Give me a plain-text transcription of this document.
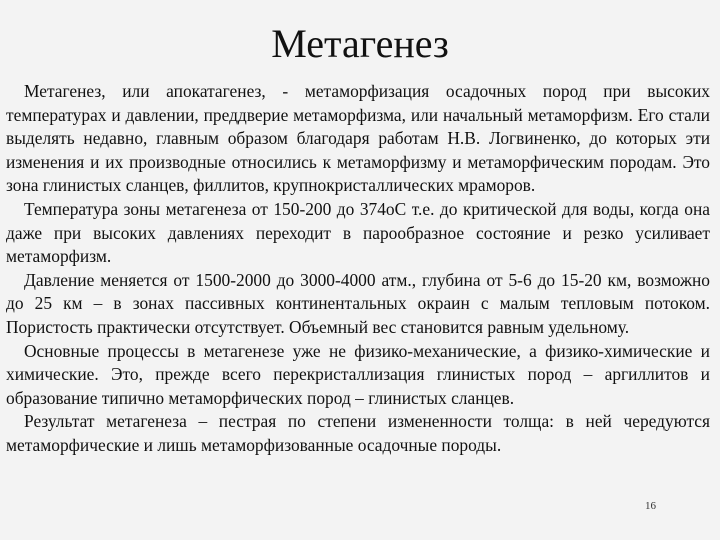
Метагенез

Метагенез, или апокатагенез, - метаморфизация осадочных пород при высоких температурах и давлении, преддверие метаморфизма, или начальный метаморфизм. Его стали выделять недавно, главным образом благодаря работам Н.В. Логвиненко, до которых эти изменения и их производные относились к метаморфизму и метаморфическим породам. Это зона глинистых сланцев, филлитов, крупнокристаллических мраморов.

Температура зоны метагенеза от 150-200 до 374оС т.е. до критической для воды, когда она даже при высоких давлениях переходит в парообразное состояние и резко усиливает метаморфизм.

Давление меняется от 1500-2000 до 3000-4000 атм., глубина от 5-6 до 15-20 км, возможно до 25 км – в зонах пассивных континентальных окраин с малым тепловым потоком. Пористость практически отсутствует. Объемный вес становится равным удельному.

Основные процессы в метагенезе уже не физико-механические, а физико-химические и химические. Это, прежде всего перекристаллизация глинистых пород – аргиллитов и образование типично метаморфических пород – глинистых сланцев.

Результат метагенеза – пестрая по степени измененности толща: в ней чередуются метаморфические и лишь метаморфизованные осадочные породы.

16
